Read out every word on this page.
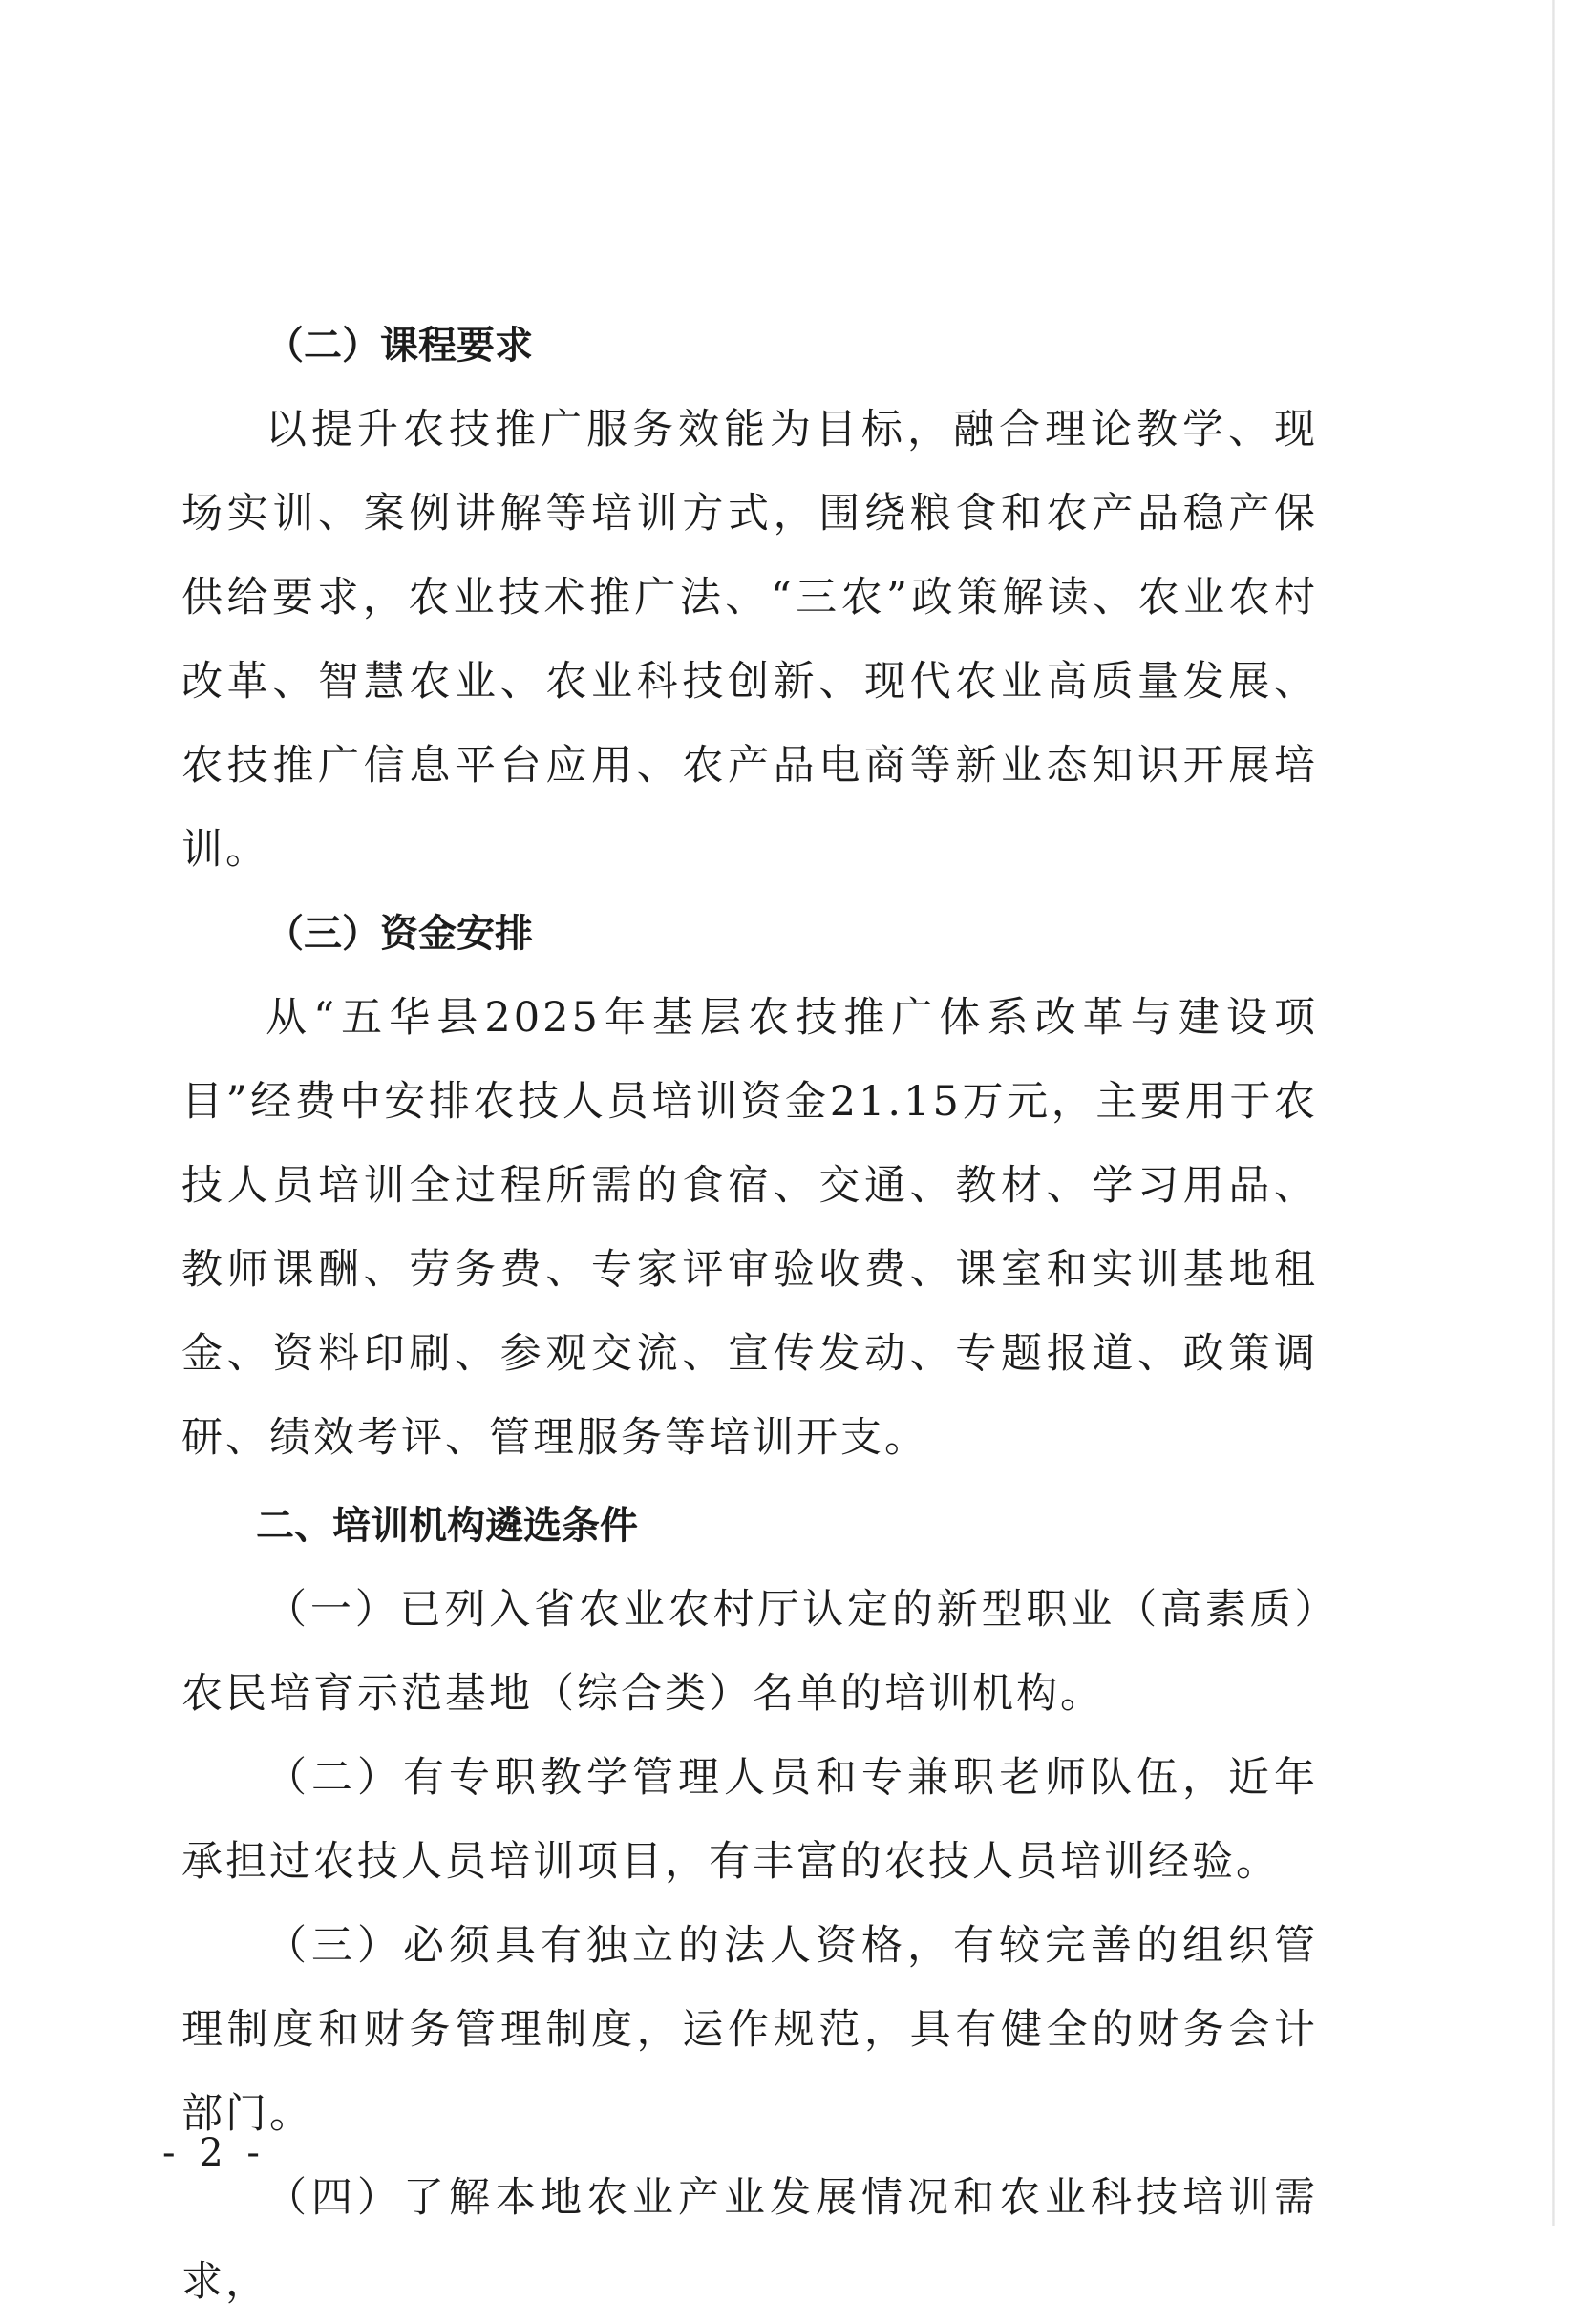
（二）课程要求

以提升农技推广服务效能为目标，融合理论教学、现场实训、案例讲解等培训方式，围绕粮食和农产品稳产保供给要求，农业技术推广法、“三农”政策解读、农业农村改革、智慧农业、农业科技创新、现代农业高质量发展、农技推广信息平台应用、农产品电商等新业态知识开展培训。

（三）资金安排

从“五华县2025年基层农技推广体系改革与建设项目”经费中安排农技人员培训资金21.15万元，主要用于农技人员培训全过程所需的食宿、交通、教材、学习用品、教师课酬、劳务费、专家评审验收费、课室和实训基地租金、资料印刷、参观交流、宣传发动、专题报道、政策调研、绩效考评、管理服务等培训开支。

二、培训机构遴选条件

（一）已列入省农业农村厅认定的新型职业（高素质）农民培育示范基地（综合类）名单的培训机构。

（二）有专职教学管理人员和专兼职老师队伍，近年承担过农技人员培训项目，有丰富的农技人员培训经验。

（三）必须具有独立的法人资格，有较完善的组织管理制度和财务管理制度，运作规范，具有健全的财务会计部门。

（四）了解本地农业产业发展情况和农业科技培训需求，

- 2 -
